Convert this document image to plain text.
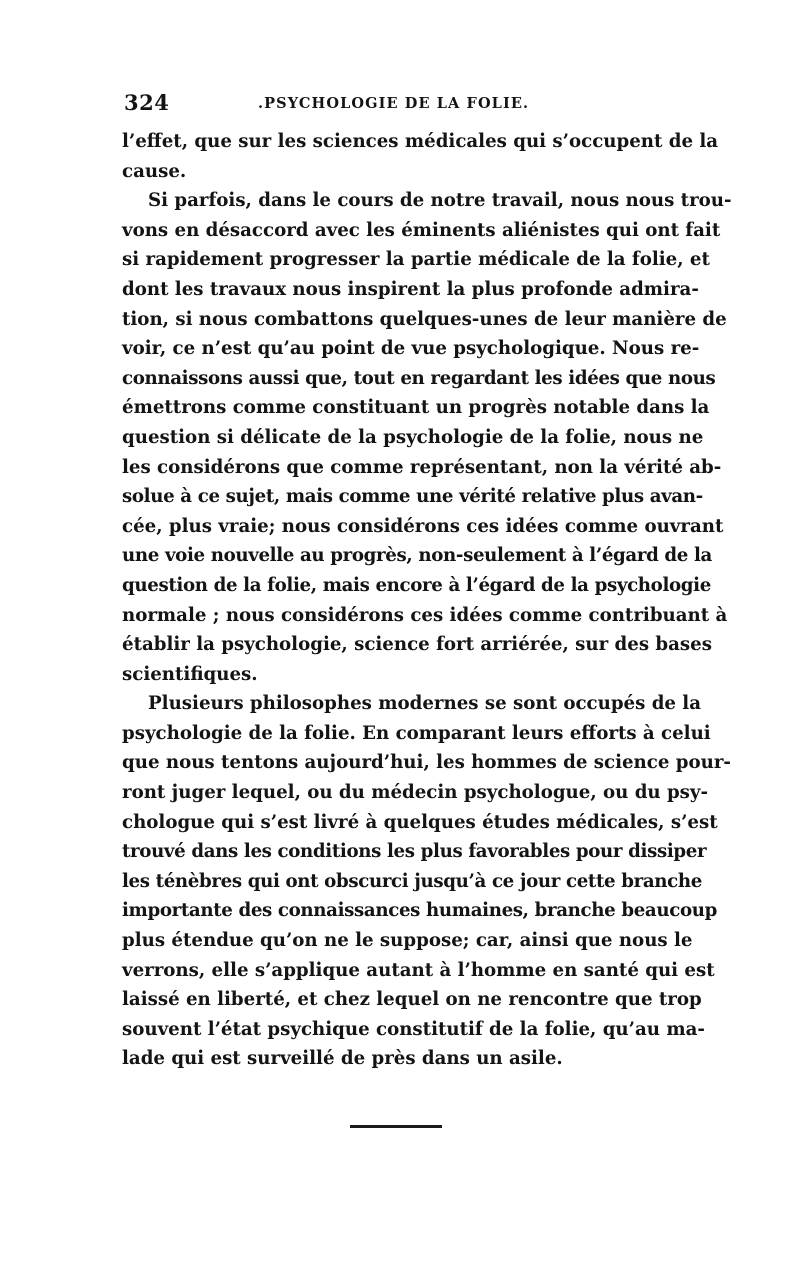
324	.PSYCHOLOGIE DE LA FOLIE.
l’effet, que sur les sciences médicales qui s’occupent de la
cause.
Si parfois, dans le cours de notre travail, nous nous trou-
vons en désaccord avec les éminents aliénistes qui ont fait
si rapidement progresser la partie médicale de la folie, et
dont les travaux nous inspirent la plus profonde admira-
tion, si nous combattons quelques-unes de leur manière de
voir, ce n’est qu’au point de vue psychologique. Nous re-
connaissons aussi que, tout en regardant les idées que nous
émettrons comme constituant un progrès notable dans la
question si délicate de la psychologie de la folie, nous ne
les considérons que comme représentant, non la vérité ab-
solue à ce sujet, mais comme une vérité relative plus avan-
cée, plus vraie; nous considérons ces idées comme ouvrant
une voie nouvelle au progrès, non-seulement à l’égard de la
question de la folie, mais encore à l’égard de la psychologie
normale ; nous considérons ces idées comme contribuant à
établir la psychologie, science fort arriérée, sur des bases
scientifiques.
Plusieurs philosophes modernes se sont occupés de la
psychologie de la folie. En comparant leurs efforts à celui
que nous tentons aujourd’hui, les hommes de science pour-
ront juger lequel, ou du médecin psychologue, ou du psy-
chologue qui s’est livré à quelques études médicales, s’est
trouvé dans les conditions les plus favorables pour dissiper
les ténèbres qui ont obscurci jusqu’à ce jour cette branche
importante des connaissances humaines, branche beaucoup
plus étendue qu’on ne le suppose; car, ainsi que nous le
verrons, elle s’applique autant à l’homme en santé qui est
laissé en liberté, et chez lequel on ne rencontre que trop
souvent l’état psychique constitutif de la folie, qu’au ma-
lade qui est surveillé de près dans un asile.
